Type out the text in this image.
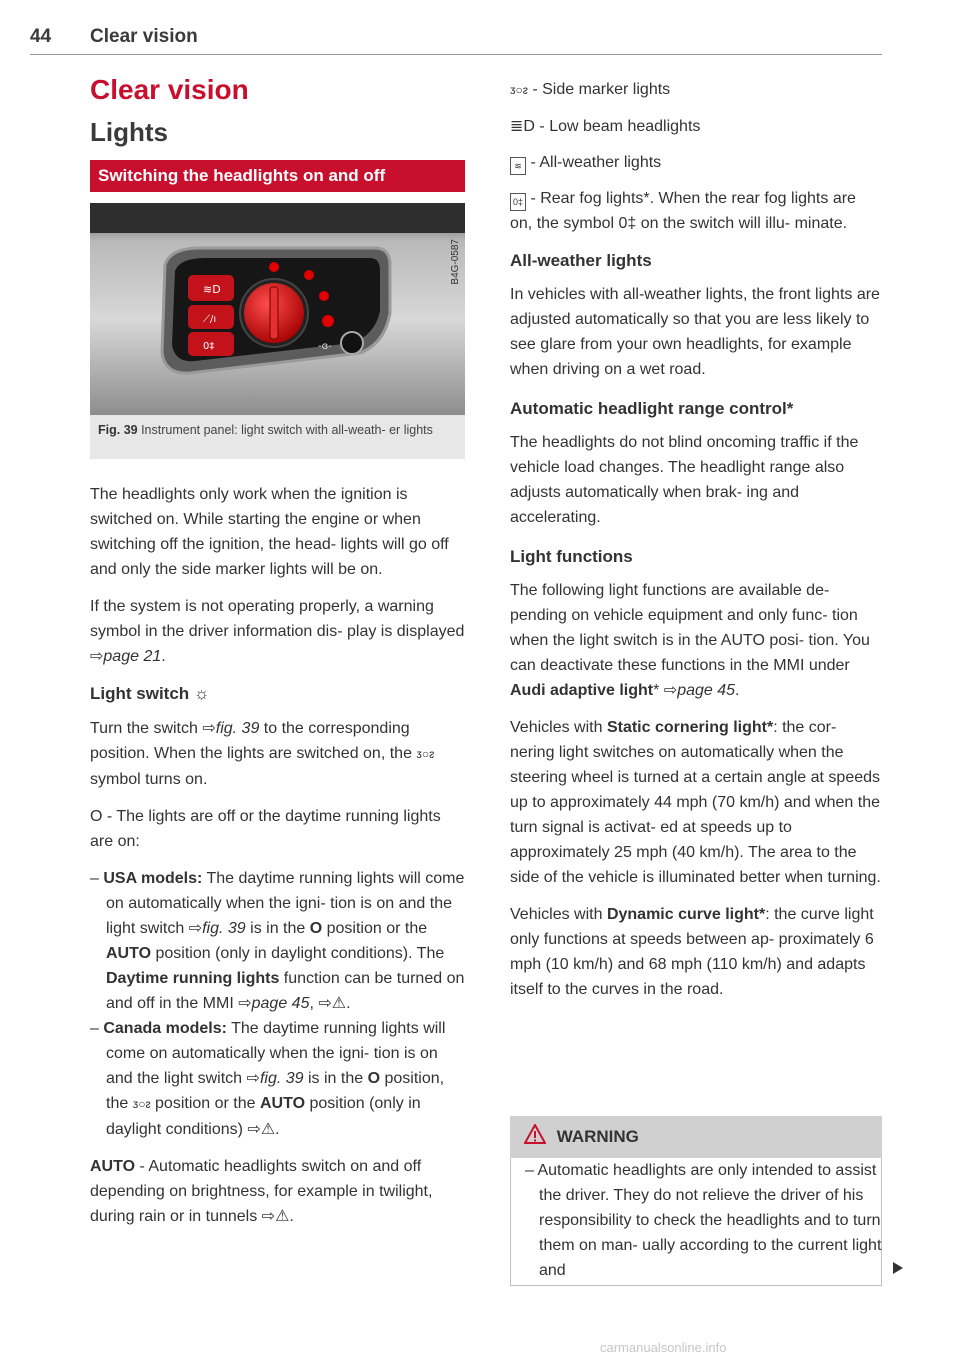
44 Clear vision
Clear vision
Lights
Switching the headlights on and off
≋D
⟋/ı
0‡	-ɞ-
B4G-0587
Fig. 39 Instrument panel: light switch with all-weath- er lights

The headlights only work when the ignition is switched on. While starting the engine or when switching off the ignition, the head- lights will go off and only the side marker lights will be on.

If the system is not operating properly, a warning symbol in the driver information dis- play is displayed ⇨page 21.

Light switch ☼

Turn the switch ⇨fig. 39 to the corresponding position. When the lights are switched on, the ᴣ○ᴤ symbol turns on.

O - The lights are off or the daytime running lights are on:

– USA models: The daytime running lights will come on automatically when the igni- tion is on and the light switch ⇨fig. 39 is in the O position or the AUTO position (only in daylight conditions). The Daytime running lights function can be turned on and off in the MMI ⇨page 45, ⇨⚠.

– Canada models: The daytime running lights will come on automatically when the igni- tion is on and the light switch ⇨fig. 39 is in the O position, the ᴣ○ᴤ position or the AUTO position (only in daylight conditions) ⇨⚠.

AUTO - Automatic headlights switch on and off depending on brightness, for example in twilight, during rain or in tunnels ⇨⚠.

ᴣ○ᴤ - Side marker lights

≣D - Low beam headlights

≋ - All-weather lights

0‡ - Rear fog lights*. When the rear fog lights are on, the symbol 0‡ on the switch will illu- minate.

All-weather lights

In vehicles with all-weather lights, the front lights are adjusted automatically so that you are less likely to see glare from your own headlights, for example when driving on a wet road.

Automatic headlight range control*

The headlights do not blind oncoming traffic if the vehicle load changes. The headlight range also adjusts automatically when brak- ing and accelerating.

Light functions

The following light functions are available de- pending on vehicle equipment and only func- tion when the light switch is in the AUTO posi- tion. You can deactivate these functions in the MMI under Audi adaptive light* ⇨page 45.

Vehicles with Static cornering light*: the cor- nering light switches on automatically when the steering wheel is turned at a certain angle at speeds up to approximately 44 mph (70 km/h) and when the turn signal is activat- ed at speeds up to approximately 25 mph (40 km/h). The area to the side of the vehicle is illuminated better when turning.

Vehicles with Dynamic curve light*: the curve light only functions at speeds between ap- proximately 6 mph (10 km/h) and 68 mph (110 km/h) and adapts itself to the curves in the road.

WARNING

– Automatic headlights are only intended to assist the driver. They do not relieve the driver of his responsibility to check the headlights and to turn them on man- ually according to the current light and

carmanualsonline.info
